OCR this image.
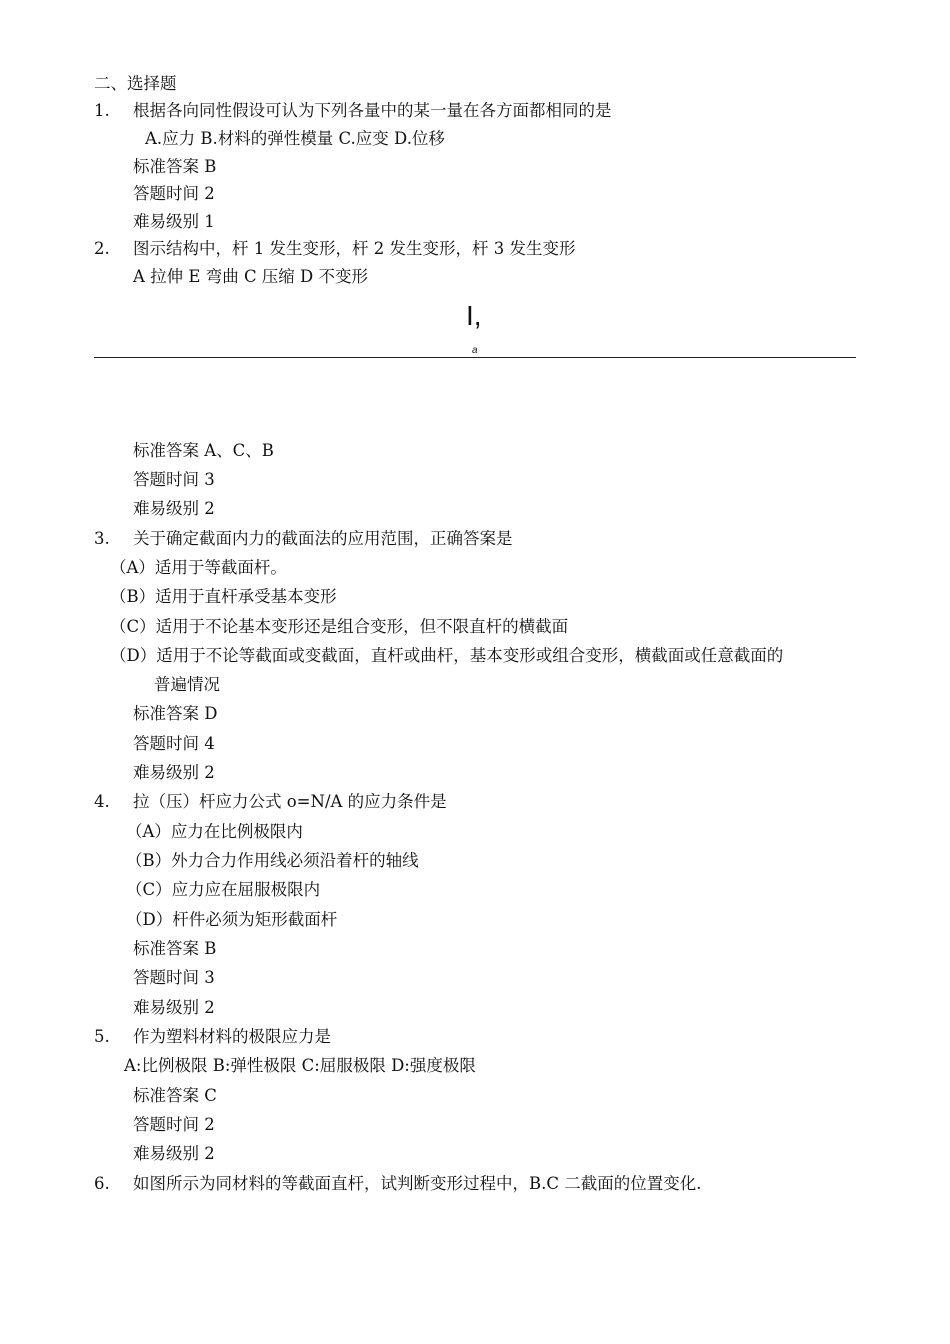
二、选择题
1. 根据各向同性假设可认为下列各量中的某一量在各方面都相同的是
A.应力 B.材料的弹性模量 C.应变 D.位移
标准答案 B
答题时间 2
难易级别 1
2. 图示结构中，杆 1 发生变形，杆 2 发生变形，杆 3 发生变形
A 拉伸 E 弯曲 C 压缩 D 不变形
I,
a
标准答案 A、C、B
答题时间 3
难易级别 2
3. 关于确定截面内力的截面法的应用范围，正确答案是
（A）适用于等截面杆。
（B）适用于直杆承受基本变形
（C）适用于不论基本变形还是组合变形，但不限直杆的横截面
（D）适用于不论等截面或变截面，直杆或曲杆，基本变形或组合变形，横截面或任意截面的
普遍情况
标准答案 D
答题时间 4
难易级别 2
4. 拉（压）杆应力公式 o=N/A 的应力条件是
（A）应力在比例极限内
（B）外力合力作用线必须沿着杆的轴线
（C）应力应在屈服极限内
（D）杆件必须为矩形截面杆
标准答案 B
答题时间 3
难易级别 2
5. 作为塑料材料的极限应力是
A:比例极限 B:弹性极限 C:屈服极限 D:强度极限
标准答案 C
答题时间 2
难易级别 2
6. 如图所示为同材料的等截面直杆，试判断变形过程中，B.C 二截面的位置变化.
